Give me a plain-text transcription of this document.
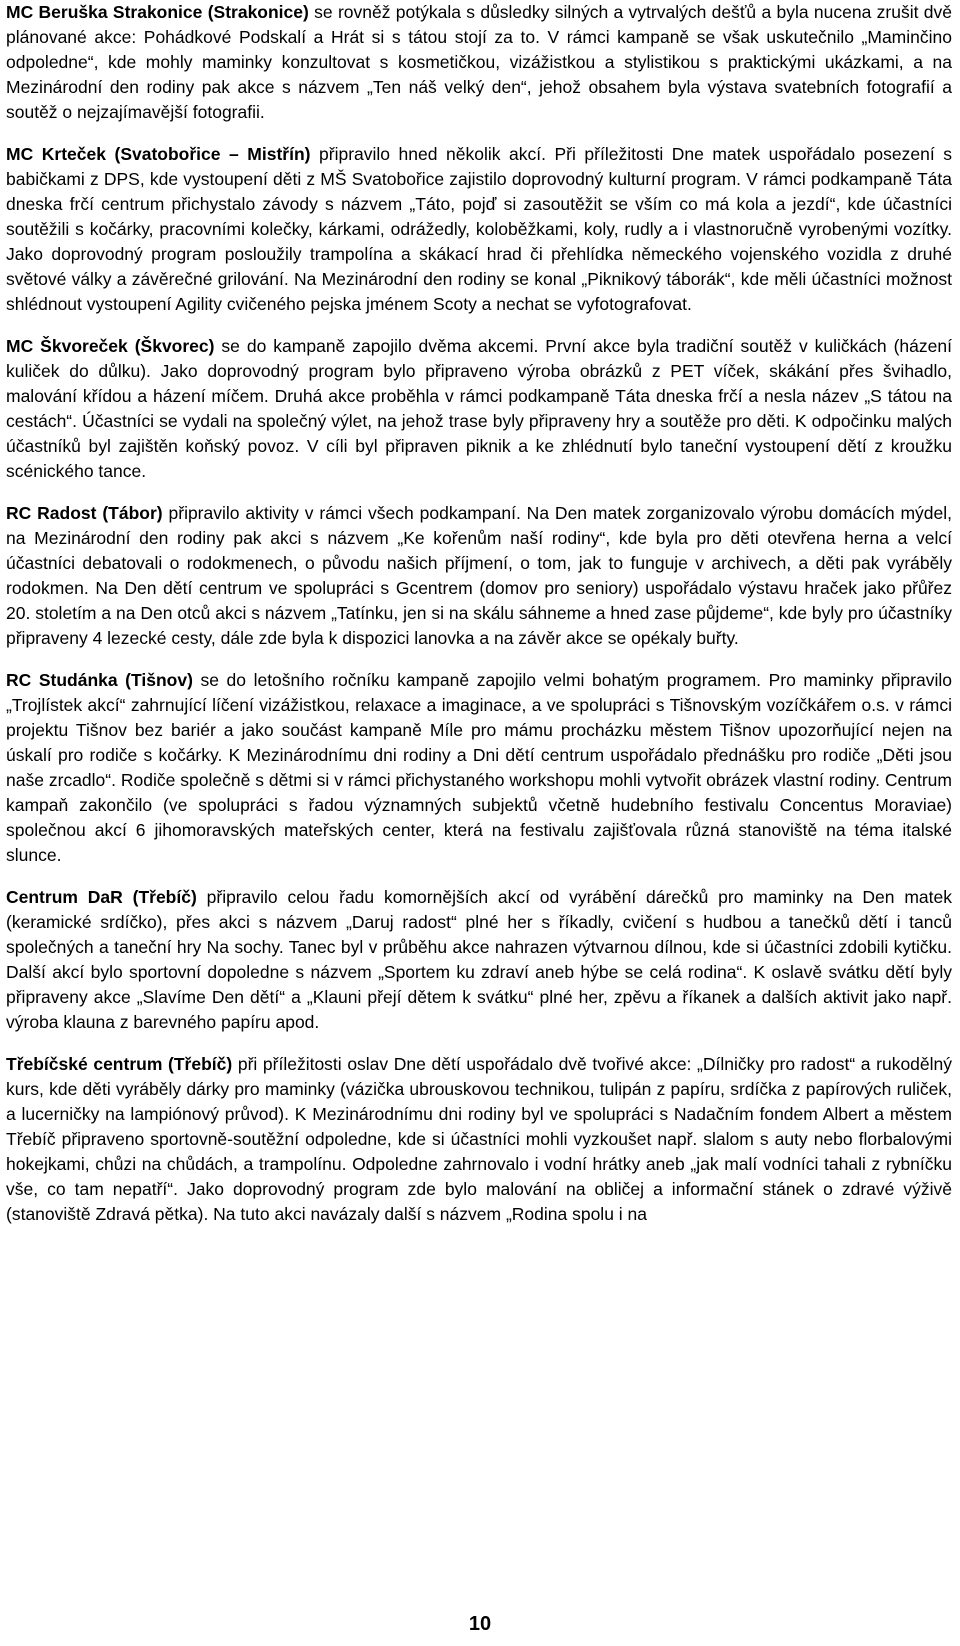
MC Beruška Strakonice (Strakonice) se rovněž potýkala s důsledky silných a vytrvalých dešťů a byla nucena zrušit dvě plánované akce: Pohádkové Podskalí a Hrát si s tátou stojí za to. V rámci kampaně se však uskutečnilo „Maminčino odpoledne“, kde mohly maminky konzultovat s kosmetičkou, vizážistkou a stylistikou s praktickými ukázkami, a na Mezinárodní den rodiny pak akce s názvem „Ten náš velký den“, jehož obsahem byla výstava svatebních fotografií a soutěž o nejzajímavější fotografii.

MC Krteček (Svatobořice – Mistřín) připravilo hned několik akcí. Při příležitosti Dne matek uspořádalo posezení s babičkami z DPS, kde vystoupení děti z MŠ Svatobořice zajistilo doprovodný kulturní program. V rámci podkampaně Táta dneska frčí centrum přichystalo závody s názvem „Táto, pojď si zasoutěžit se vším co má kola a jezdí“, kde účastníci soutěžili s kočárky, pracovními kolečky, kárkami, odrážedly, koloběžkami, koly, rudly a i vlastnoručně vyrobenými vozítky. Jako doprovodný program posloužily trampolína a skákací hrad či přehlídka německého vojenského vozidla z druhé světové války a závěrečné grilování. Na Mezinárodní den rodiny se konal „Piknikový táborák“, kde měli účastníci možnost shlédnout vystoupení Agility cvičeného pejska jménem Scoty a nechat se vyfotografovat.

MC Škvoreček (Škvorec) se do kampaně zapojilo dvěma akcemi. První akce byla tradiční soutěž v kuličkách (házení kuliček do důlku). Jako doprovodný program bylo připraveno výroba obrázků z PET víček, skákání přes švihadlo, malování křídou a házení míčem. Druhá akce proběhla v rámci podkampaně Táta dneska frčí a nesla název „S tátou na cestách“. Účastníci se vydali na společný výlet, na jehož trase byly připraveny hry a soutěže pro děti. K odpočinku malých účastníků byl zajištěn koňský povoz. V cíli byl připraven piknik a ke zhlédnutí bylo taneční vystoupení dětí z kroužku scénického tance.

RC Radost (Tábor) připravilo aktivity v rámci všech podkampaní. Na Den matek zorganizovalo výrobu domácích mýdel, na Mezinárodní den rodiny pak akci s názvem „Ke kořenům naší rodiny“, kde byla pro děti otevřena herna a velcí účastníci debatovali o rodokmenech, o původu našich příjmení, o tom, jak to funguje v archivech, a děti pak vyráběly rodokmen. Na Den dětí centrum ve spolupráci s Gcentrem (domov pro seniory) uspořádalo výstavu hraček jako přůřez 20. stoletím a na Den otců akci s názvem „Tatínku, jen si na skálu sáhneme a hned zase půjdeme“, kde byly pro účastníky připraveny 4 lezecké cesty, dále zde byla k dispozici lanovka a na závěr akce se opékaly buřty.

RC Studánka (Tišnov) se do letošního ročníku kampaně zapojilo velmi bohatým programem. Pro maminky připravilo „Trojlístek akcí“ zahrnující líčení vizážistkou, relaxace a imaginace, a ve spolupráci s Tišnovským vozíčkářem o.s. v rámci projektu Tišnov bez bariér a jako součást kampaně Míle pro mámu procházku městem Tišnov upozorňující nejen na úskalí pro rodiče s kočárky. K Mezinárodnímu dni rodiny a Dni dětí centrum uspořádalo přednášku pro rodiče „Děti jsou naše zrcadlo“. Rodiče společně s dětmi si v rámci přichystaného workshopu mohli vytvořit obrázek vlastní rodiny. Centrum kampaň zakončilo (ve spolupráci s řadou významných subjektů včetně hudebního festivalu Concentus Moraviae) společnou akcí 6 jihomoravských mateřských center, která na festivalu zajišťovala různá stanoviště na téma italské slunce.

Centrum DaR (Třebíč) připravilo celou řadu komornějších akcí od vyrábění dárečků pro maminky na Den matek (keramické srdíčko), přes akci s názvem „Daruj radost“ plné her s říkadly, cvičení s hudbou a tanečků dětí i tanců společných a taneční hry Na sochy. Tanec byl v průběhu akce nahrazen výtvarnou dílnou, kde si účastníci zdobili kytičku. Další akcí bylo sportovní dopoledne s názvem „Sportem ku zdraví aneb hýbe se celá rodina“. K oslavě svátku dětí byly připraveny akce „Slavíme Den dětí“ a „Klauni přejí dětem k svátku“ plné her, zpěvu a říkanek a dalších aktivit jako např. výroba klauna z barevného papíru apod.

Třebíčské centrum (Třebíč) při příležitosti oslav Dne dětí uspořádalo dvě tvořivé akce: „Dílničky pro radost“ a rukodělný kurs, kde děti vyráběly dárky pro maminky (vázička ubrouskovou technikou, tulipán z papíru, srdíčka z papírových ruliček, a lucerničky na lampiónový průvod). K Mezinárodnímu dni rodiny byl ve spolupráci s Nadačním fondem Albert a městem Třebíč připraveno sportovně-soutěžní odpoledne, kde si účastníci mohli vyzkoušet např. slalom s auty nebo florbalovými hokejkami, chůzi na chůdách, a trampolínu. Odpoledne zahrnovalo i vodní hrátky aneb „jak malí vodníci tahali z rybníčku vše, co tam nepatří“. Jako doprovodný program zde bylo malování na obličej a informační stánek o zdravé výživě (stanoviště Zdravá pětka). Na tuto akci navázaly další s názvem „Rodina spolu i na

10
